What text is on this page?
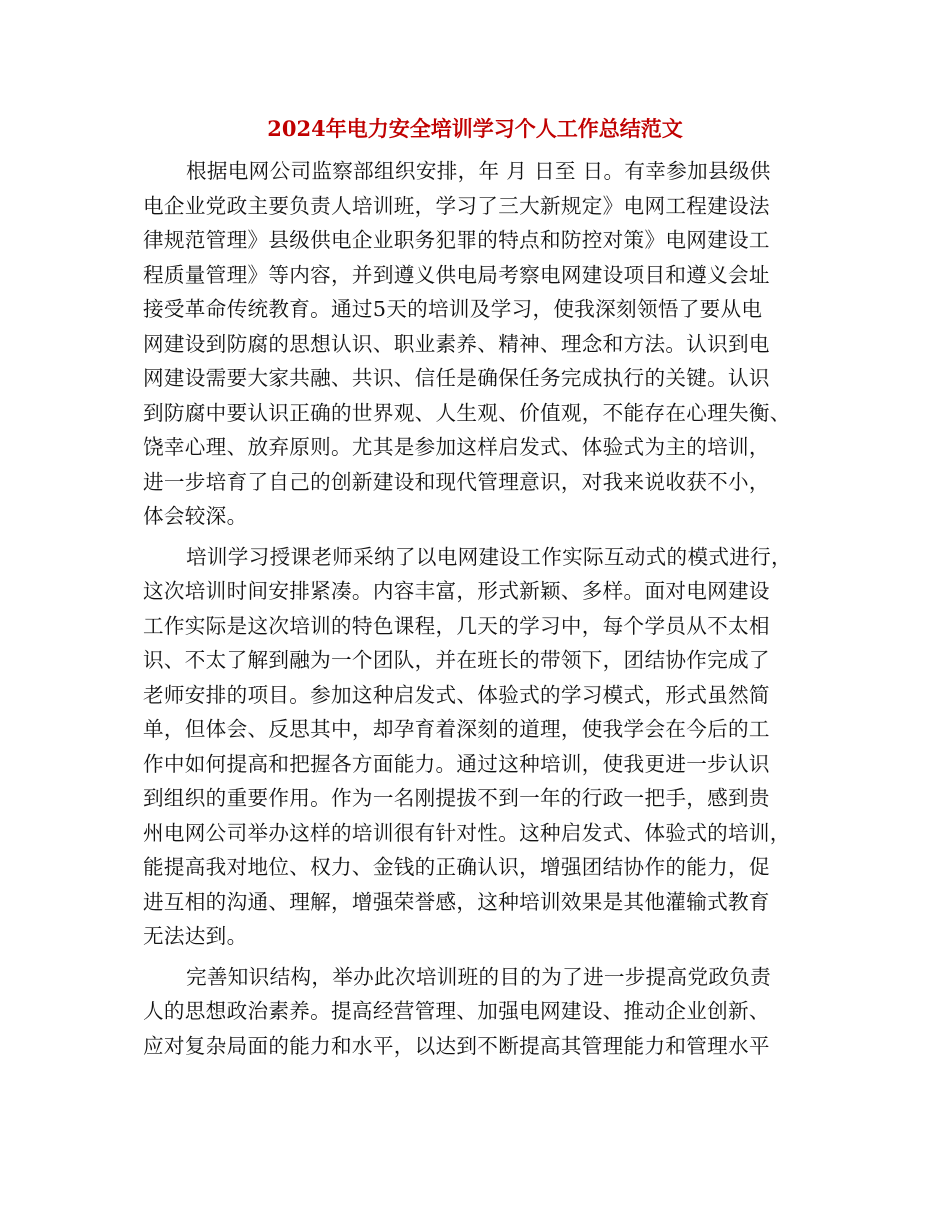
2024年电力安全培训学习个人工作总结范文
根据电网公司监察部组织安排，年 月 日至 日。有幸参加县级供
电企业党政主要负责人培训班，学习了三大新规定》电网工程建设法
律规范管理》县级供电企业职务犯罪的特点和防控对策》电网建设工
程质量管理》等内容，并到遵义供电局考察电网建设项目和遵义会址
接受革命传统教育。通过5天的培训及学习，使我深刻领悟了要从电
网建设到防腐的思想认识、职业素养、精神、理念和方法。认识到电
网建设需要大家共融、共识、信任是确保任务完成执行的关键。认识
到防腐中要认识正确的世界观、人生观、价值观，不能存在心理失衡、
饶幸心理、放弃原则。尤其是参加这样启发式、体验式为主的培训，
进一步培育了自己的创新建设和现代管理意识，对我来说收获不小，
体会较深。
培训学习授课老师采纳了以电网建设工作实际互动式的模式进行，
这次培训时间安排紧凑。内容丰富，形式新颖、多样。面对电网建设
工作实际是这次培训的特色课程，几天的学习中，每个学员从不太相
识、不太了解到融为一个团队，并在班长的带领下，团结协作完成了
老师安排的项目。参加这种启发式、体验式的学习模式，形式虽然简
单，但体会、反思其中，却孕育着深刻的道理，使我学会在今后的工
作中如何提高和把握各方面能力。通过这种培训，使我更进一步认识
到组织的重要作用。作为一名刚提拔不到一年的行政一把手，感到贵
州电网公司举办这样的培训很有针对性。这种启发式、体验式的培训，
能提高我对地位、权力、金钱的正确认识，增强团结协作的能力，促
进互相的沟通、理解，增强荣誉感，这种培训效果是其他灌输式教育
无法达到。
完善知识结构，举办此次培训班的目的为了进一步提高党政负责
人的思想政治素养。提高经营管理、加强电网建设、推动企业创新、
应对复杂局面的能力和水平，以达到不断提高其管理能力和管理水平
